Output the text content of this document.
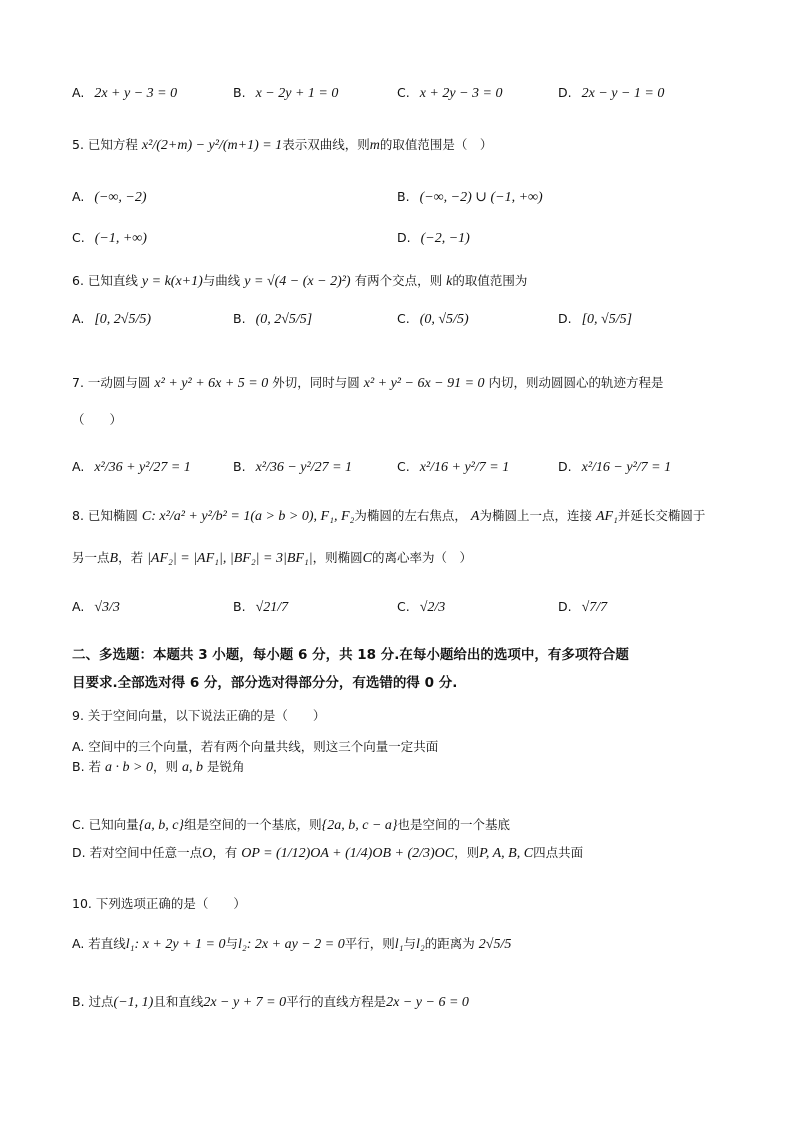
A. 2x + y − 3 = 0	B. x − 2y + 1 = 0	C. x + 2y − 3 = 0	D. 2x − y − 1 = 0
5. 已知方程 x²/(2+m) − y²/(m+1) = 1表示双曲线，则m的取值范围是（　）
A. (−∞, −2)	B. (−∞, −2) ∪ (−1, +∞)
C. (−1, +∞)	D. (−2, −1)
6. 已知直线 y = k(x+1)与曲线 y = √(4 − (x − 2)²) 有两个交点，则 k的取值范围为
A. [0, 2√5/5)	B. (0, 2√5/5]	C. (0, √5/5)	D. [0, √5/5]
7. 一动圆与圆 x² + y² + 6x + 5 = 0 外切，同时与圆 x² + y² − 6x − 91 = 0 内切，则动圆圆心的轨迹方程是
（　　）
A. x²/36 + y²/27 = 1	B. x²/36 − y²/27 = 1	C. x²/16 + y²/7 = 1	D. x²/16 − y²/7 = 1
8. 已知椭圆 C: x²/a² + y²/b² = 1(a > b > 0), F₁, F₂为椭圆的左右焦点， A为椭圆上一点，连接 AF₁并延长交椭圆于
另一点B，若 |AF₂| = |AF₁|, |BF₂| = 3|BF₁|，则椭圆C的离心率为（　）
A. √3/3	B. √21/7	C. √2/3	D. √7/7
二、多选题：本题共 3 小题，每小题 6 分，共 18 分.在每小题给出的选项中，有多项符合题
目要求.全部选对得 6 分，部分选对得部分分，有选错的得 0 分.
9. 关于空间向量，以下说法正确的是（　　）
A. 空间中的三个向量，若有两个向量共线，则这三个向量一定共面
B. 若 a · b > 0，则 a, b 是锐角
C. 已知向量{a, b, c}组是空间的一个基底，则{2a, b, c − a}也是空间的一个基底
D. 若对空间中任意一点O，有 OP = (1/12)OA + (1/4)OB + (2/3)OC，则P, A, B, C四点共面
10. 下列选项正确的是（　　）
A. 若直线l₁: x + 2y + 1 = 0与l₂: 2x + ay − 2 = 0平行，则l₁与l₂的距离为 2√5/5
B. 过点(−1, 1)且和直线2x − y + 7 = 0平行的直线方程是2x − y − 6 = 0
